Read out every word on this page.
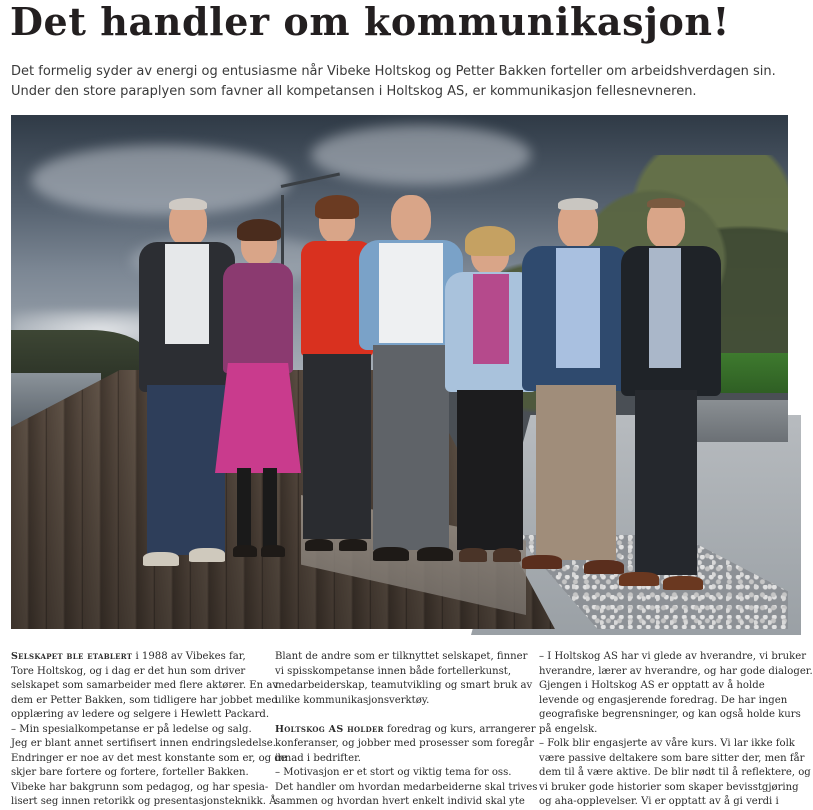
Det handler om kommunikasjon!
Det formelig syder av energi og entusiasme når Vibeke Holtskog og Petter Bakken forteller om arbeidshverdagen sin.
Under den store paraplyen som favner all kompetansen i Holtskog AS, er kommunikasjon fellesnevneren.
Selskapet ble etablert i 1988 av Vibekes far,
Tore Holtskog, og i dag er det hun som driver
selskapet som samarbeider med flere aktører. En av
dem er Petter Bakken, som tidligere har jobbet med
opplæring av ledere og selgere i Hewlett Packard.
– Min spesialkompetanse er på ledelse og salg.
Jeg er blant annet sertifisert innen endringsledelse.
Endringer er noe av det mest konstante som er, og de
skjer bare fortere og fortere, forteller Bakken.
Vibeke har bakgrunn som pedagog, og har spesia-
lisert seg innen retorikk og presentasjonsteknikk. Å
Blant de andre som er tilknyttet selskapet, finner
vi spisskompetanse innen både fortellerkunst,
medarbeiderskap, teamutvikling og smart bruk av
ulike kommunikasjonsverktøy.

Holtskog AS holder foredrag og kurs, arrangerer
konferanser, og jobber med prosesser som foregår
innad i bedrifter.
– Motivasjon er et stort og viktig tema for oss.
Det handler om hvordan medarbeiderne skal trives
sammen og hvordan hvert enkelt individ skal yte
– I Holtskog AS har vi glede av hverandre, vi bruker
hverandre, lærer av hverandre, og har gode dialoger.
Gjengen i Holtskog AS er opptatt av å holde
levende og engasjerende foredrag. De har ingen
geografiske begrensninger, og kan også holde kurs
på engelsk.
– Folk blir engasjerte av våre kurs. Vi lar ikke folk
være passive deltakere som bare sitter der, men får
dem til å være aktive. De blir nødt til å reflektere, og
vi bruker gode historier som skaper bevisstgjøring
og aha-opplevelser. Vi er opptatt av å gi verdi i
